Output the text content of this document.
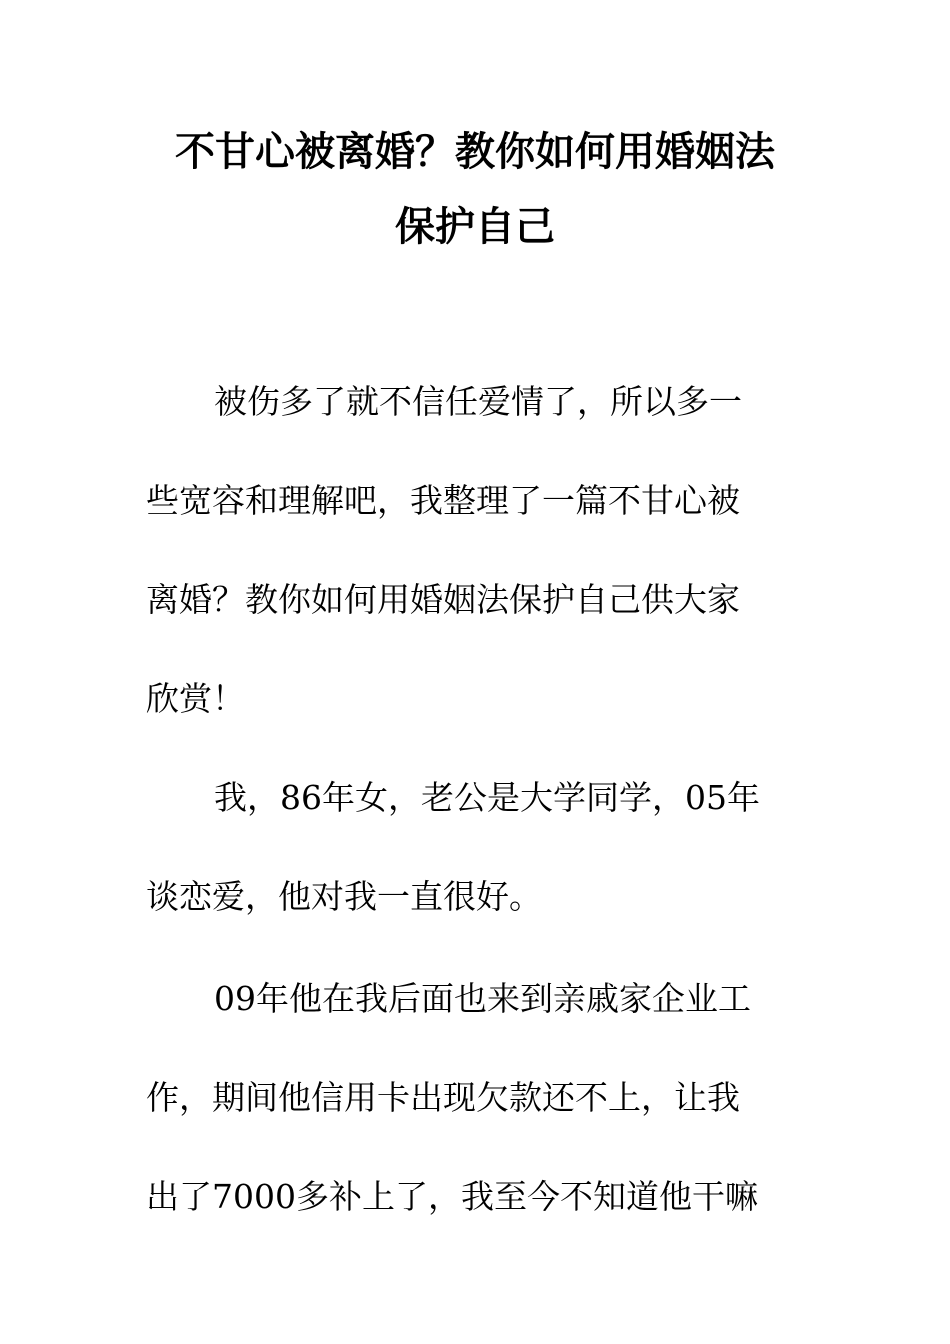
不甘心被离婚？教你如何用婚姻法
保护自己

被伤多了就不信任爱情了，所以多一

些宽容和理解吧，我整理了一篇不甘心被

离婚？教你如何用婚姻法保护自己供大家

欣赏！

我，86年女，老公是大学同学，05年

谈恋爱，他对我一直很好。

09年他在我后面也来到亲戚家企业工

作，期间他信用卡出现欠款还不上，让我

出了7000多补上了，我至今不知道他干嘛
